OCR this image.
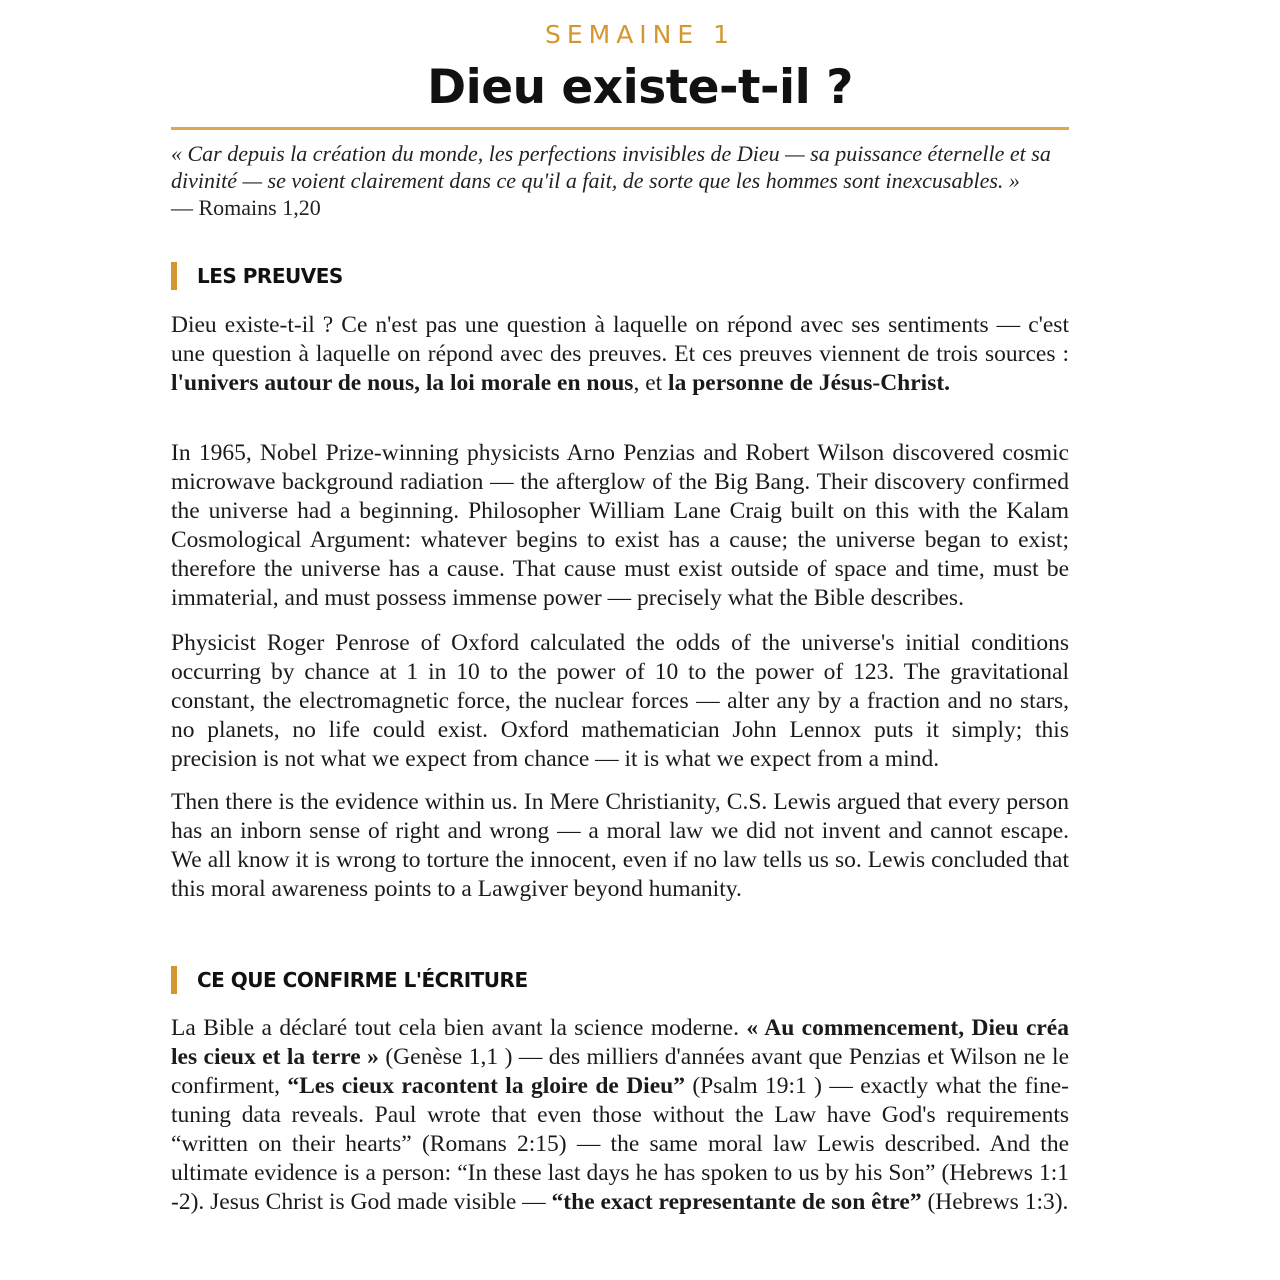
SEMAINE 1
Dieu existe-t-il ?
« Car depuis la création du monde, les perfections invisibles de Dieu — sa puissance éternelle et sa divinité — se voient clairement dans ce qu'il a fait, de sorte que les hommes sont inexcusables. »
— Romains 1,20
LES PREUVES

Dieu existe-t-il ? Ce n'est pas une question à laquelle on répond avec ses sentiments — c'est une question à laquelle on répond avec des preuves. Et ces preuves viennent de trois sources : l'univers autour de nous, la loi morale en nous, et la personne de Jésus-Christ.

In 1965, Nobel Prize-winning physicists Arno Penzias and Robert Wilson discovered cosmic microwave background radiation — the afterglow of the Big Bang. Their discovery confirmed the universe had a beginning. Philosopher William Lane Craig built on this with the Kalam Cosmological Argument: whatever begins to exist has a cause; the universe began to exist; therefore the universe has a cause. That cause must exist outside of space and time, must be immaterial, and must possess immense power — precisely what the Bible describes.

Physicist Roger Penrose of Oxford calculated the odds of the universe's initial conditions occurring by chance at 1 in 10 to the power of 10 to the power of 123. The gravitational constant, the electromagnetic force, the nuclear forces — alter any by a fraction and no stars, no planets, no life could exist. Oxford mathematician John Lennox puts it simply; this precision is not what we expect from chance — it is what we expect from a mind.

Then there is the evidence within us. In Mere Christianity, C.S. Lewis argued that every person has an inborn sense of right and wrong — a moral law we did not invent and cannot escape. We all know it is wrong to torture the innocent, even if no law tells us so. Lewis concluded that this moral awareness points to a Lawgiver beyond humanity.

CE QUE CONFIRME L'ÉCRITURE

La Bible a déclaré tout cela bien avant la science moderne. « Au commencement, Dieu créa les cieux et la terre » (Genèse 1,1 ) — des milliers d'années avant que Penzias et Wilson ne le confirment, “Les cieux racontent la gloire de Dieu” (Psalm 19:1 ) — exactly what the fine-tuning data reveals. Paul wrote that even those without the Law have God's requirements “written on their hearts” (Romans 2:15) — the same moral law Lewis described. And the ultimate evidence is a person: “In these last days he has spoken to us by his Son” (Hebrews 1:1 -2). Jesus Christ is God made visible — “the exact representante de son être” (Hebrews 1:3).
